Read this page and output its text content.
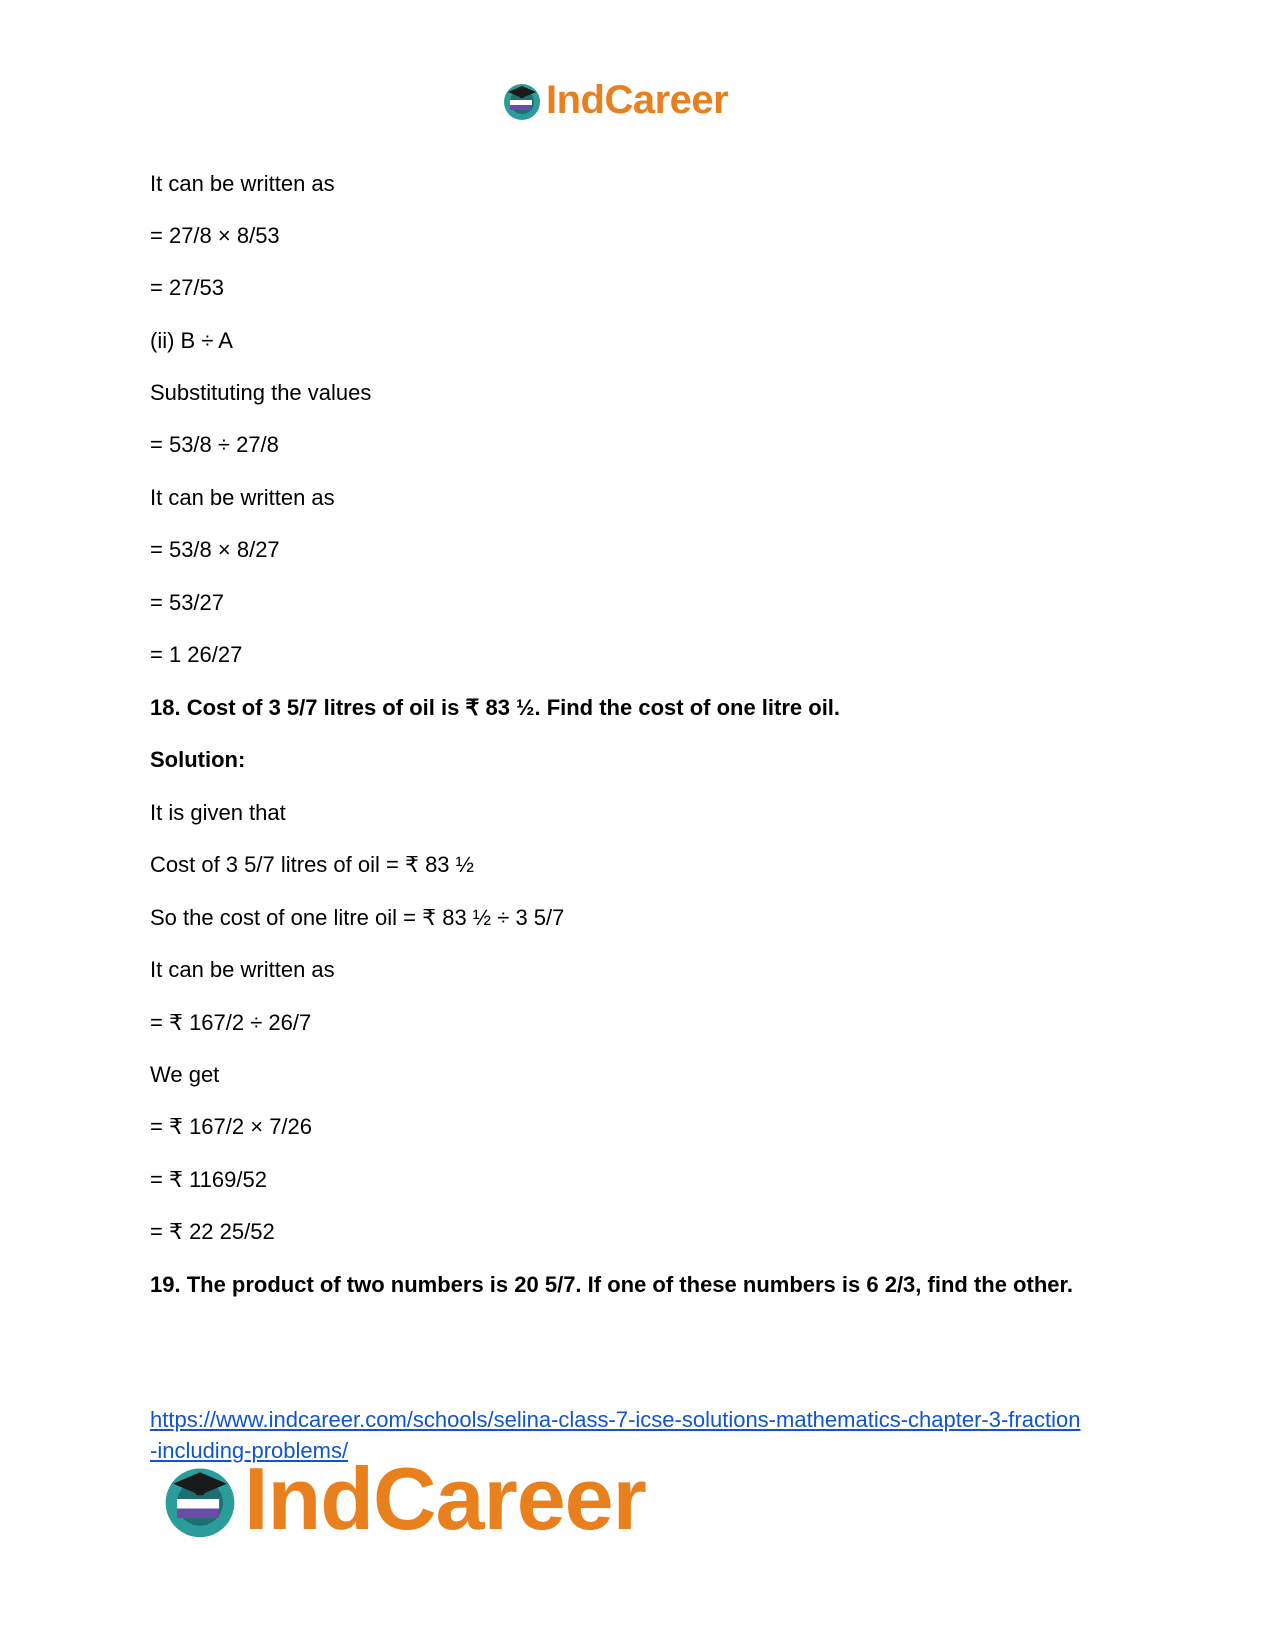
IndCareer
It can be written as
= 27/8 × 8/53
= 27/53
(ii) B ÷ A
Substituting the values
= 53/8 ÷ 27/8
It can be written as
= 53/8 × 8/27
= 53/27
= 1 26/27
18. Cost of 3 5/7 litres of oil is ₹ 83 ½. Find the cost of one litre oil.
Solution:
It is given that
Cost of 3 5/7 litres of oil = ₹ 83 ½
So the cost of one litre oil = ₹ 83 ½ ÷ 3 5/7
It can be written as
= ₹ 167/2 ÷ 26/7
We get
= ₹ 167/2 × 7/26
= ₹ 1169/52
= ₹ 22 25/52
19. The product of two numbers is 20 5/7. If one of these numbers is 6 2/3, find the other.
https://www.indcareer.com/schools/selina-class-7-icse-solutions-mathematics-chapter-3-fraction
-including-problems/
IndCareer
